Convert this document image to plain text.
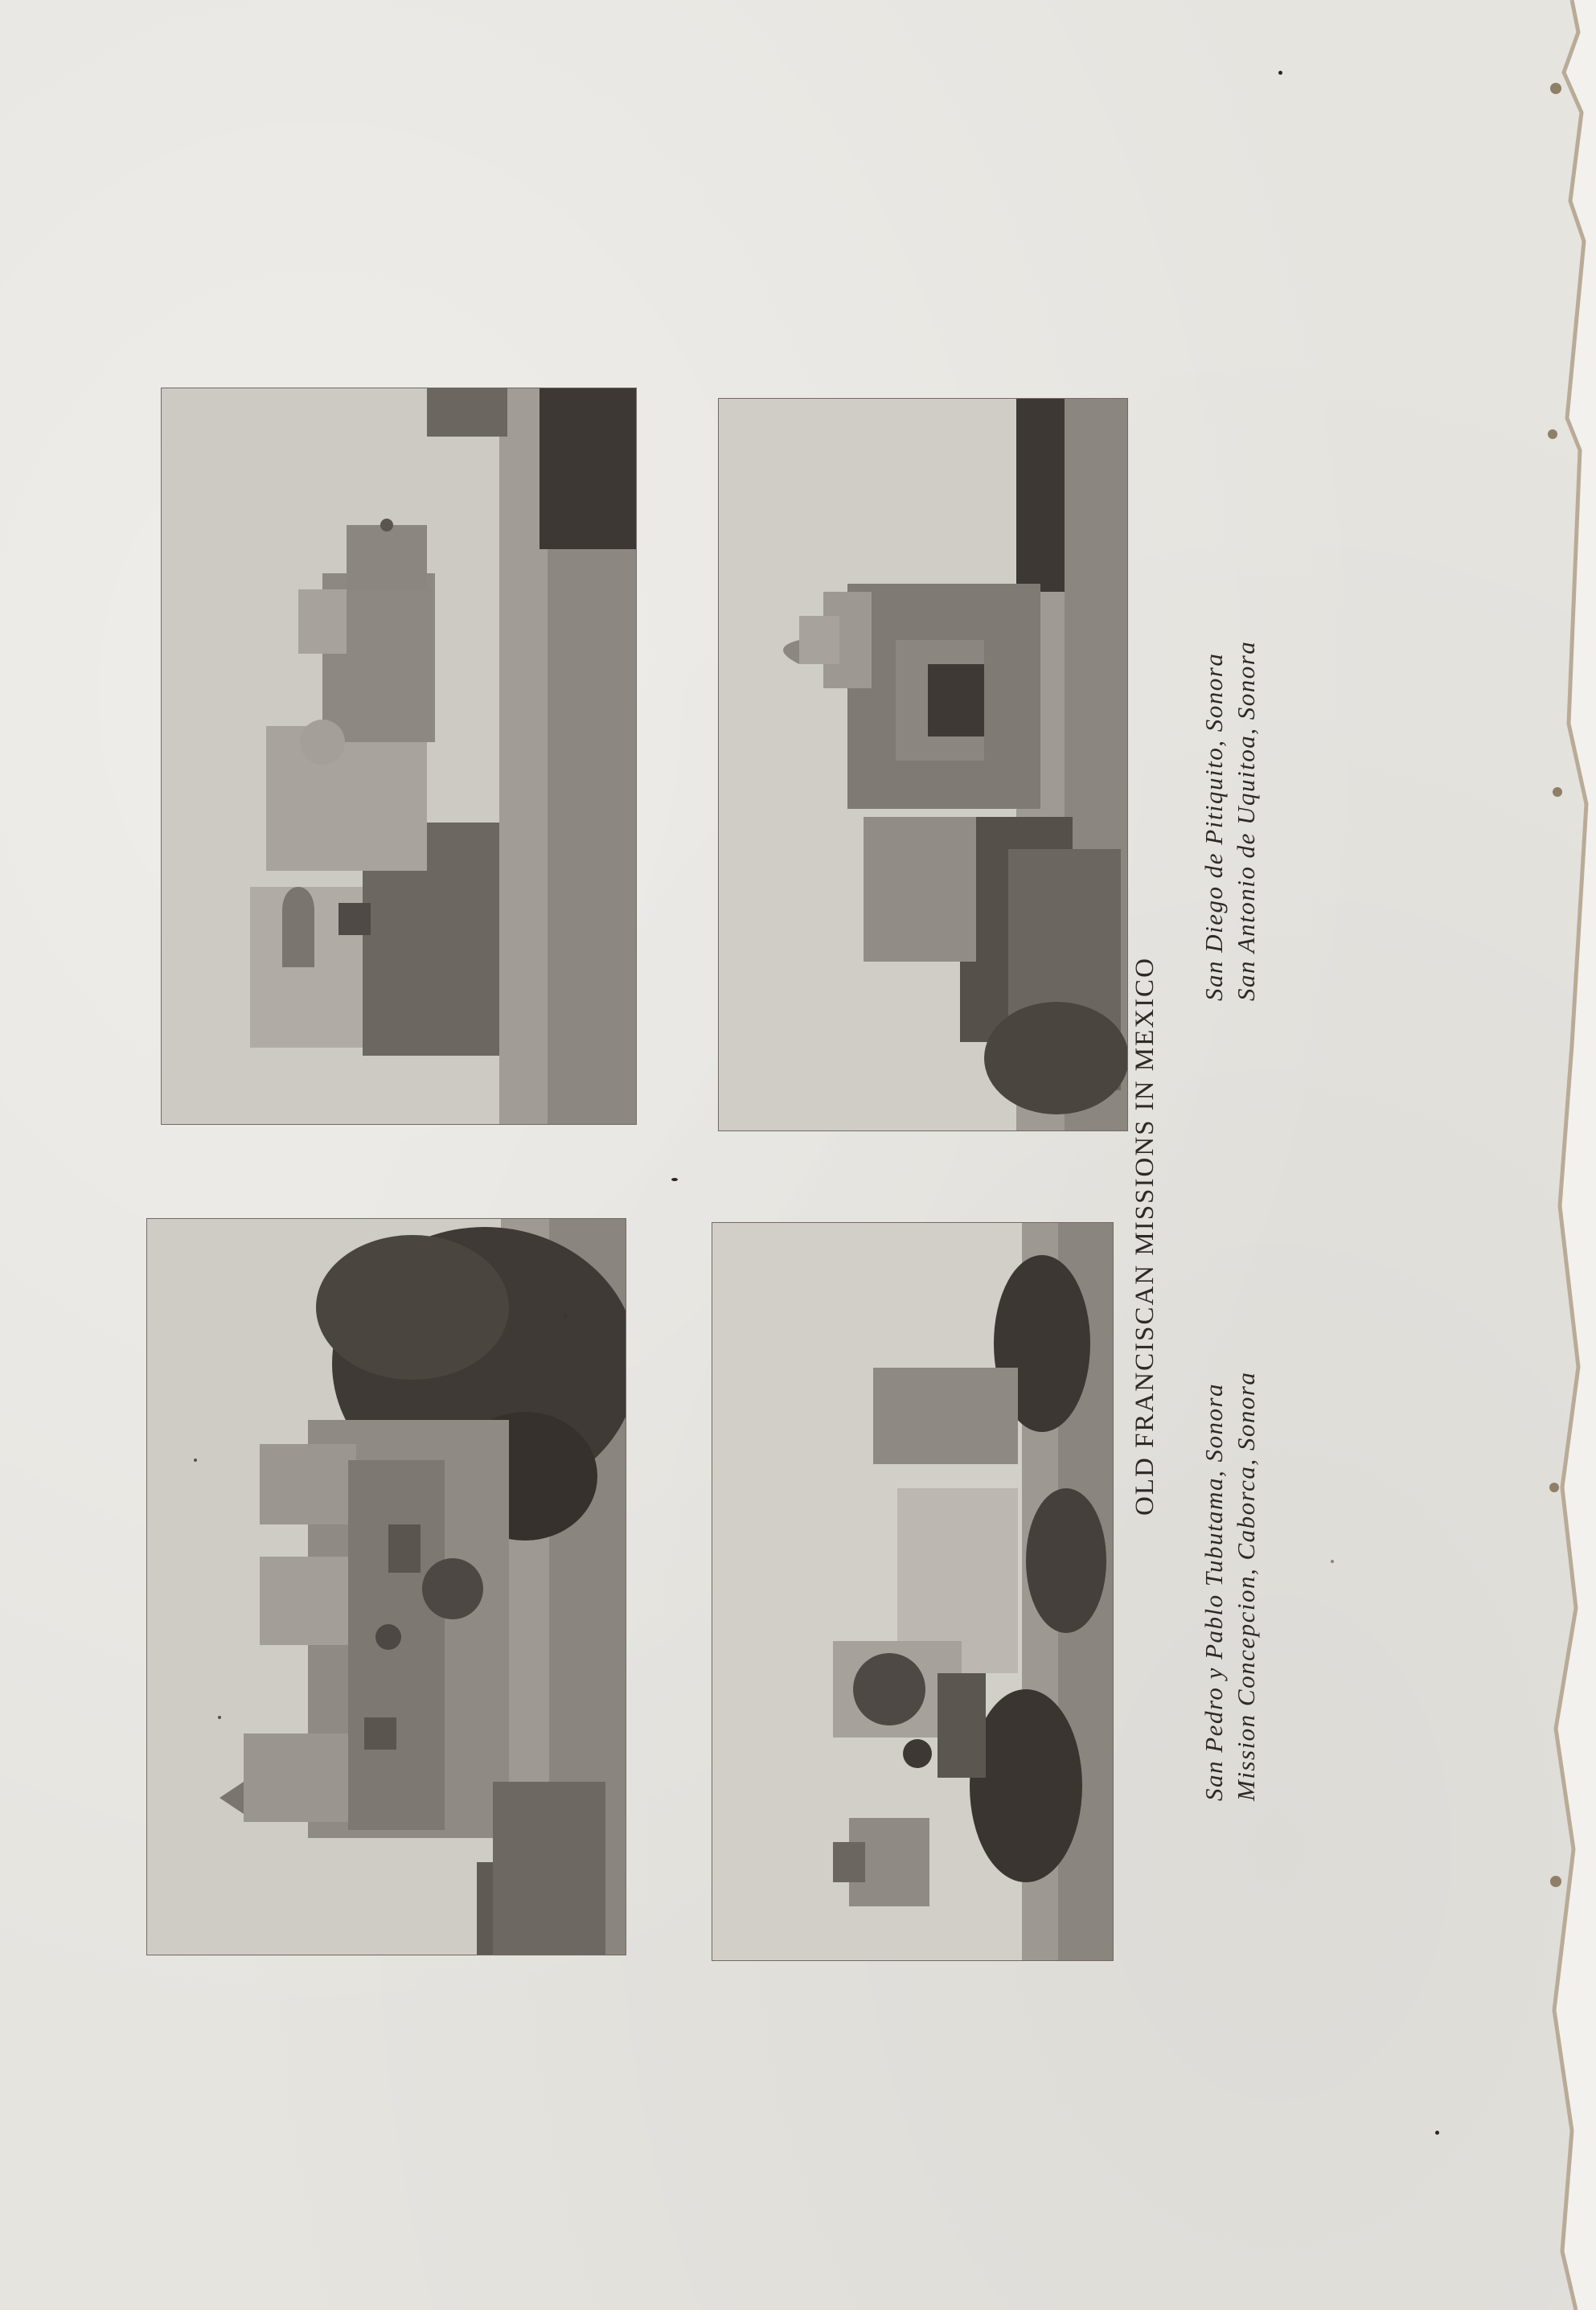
OLD FRANCISCAN MISSIONS IN MEXICO
San Pedro y Pablo Tubutama, Sonora Mission Concepcion, Caborca, Sonora
San Diego de Pitiquito, Sonora San Antonio de Uquitoa, Sonora
